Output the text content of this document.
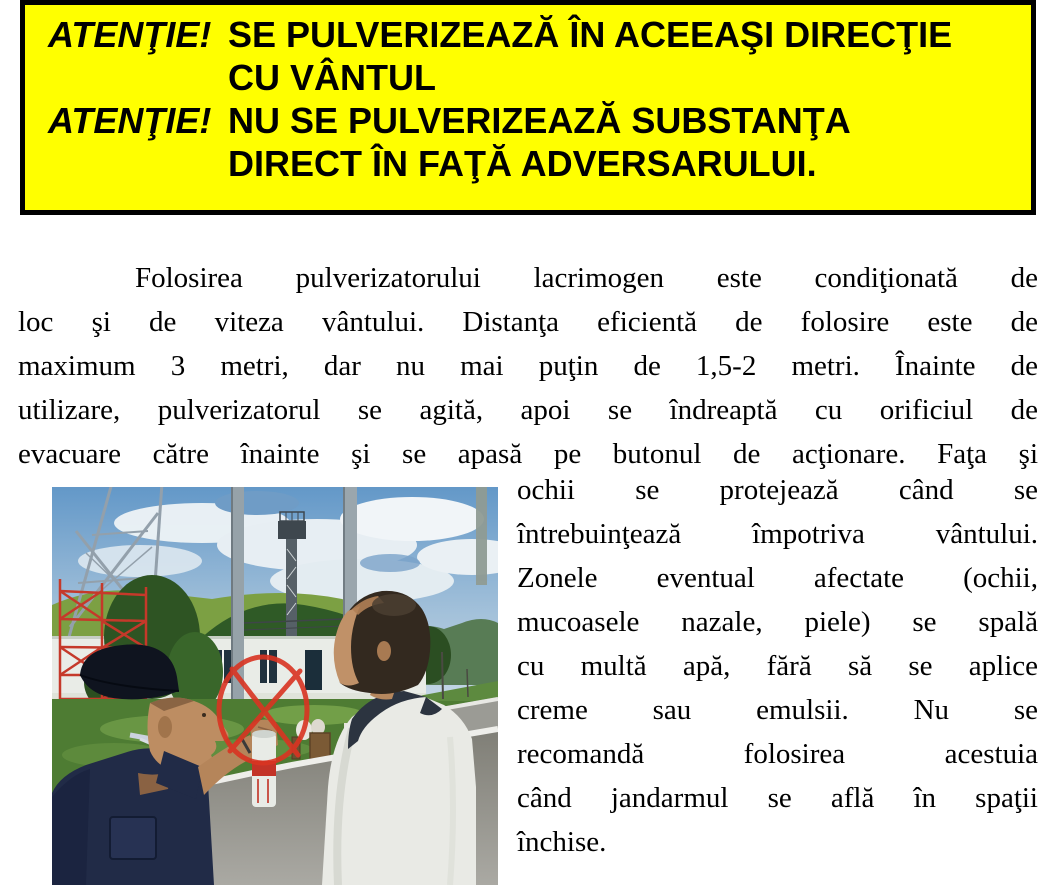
ATENŢIE! SE PULVERIZEAZĂ ÎN ACEEAŞI DIRECŢIE
CU VÂNTUL
ATENŢIE! NU SE PULVERIZEAZĂ SUBSTANŢA
DIRECT ÎN FAŢĂ ADVERSARULUI.
Folosirea pulverizatorului lacrimogen este condiţionată de
loc şi de viteza vântului. Distanţa eficientă de folosire este de
maximum 3 metri, dar nu mai puţin de 1,5-2 metri. Înainte de
utilizare, pulverizatorul se agită, apoi se îndreaptă cu orificiul de
evacuare către înainte şi se apasă pe butonul de acţionare. Faţa şi
ochii se protejează când se
întrebuinţează împotriva vântului.
Zonele eventual afectate (ochii,
mucoasele nazale, piele) se spală
cu multă apă, fără să se aplice
creme sau emulsii. Nu se
recomandă folosirea acestuia
când jandarmul se află în spaţii
închise.
